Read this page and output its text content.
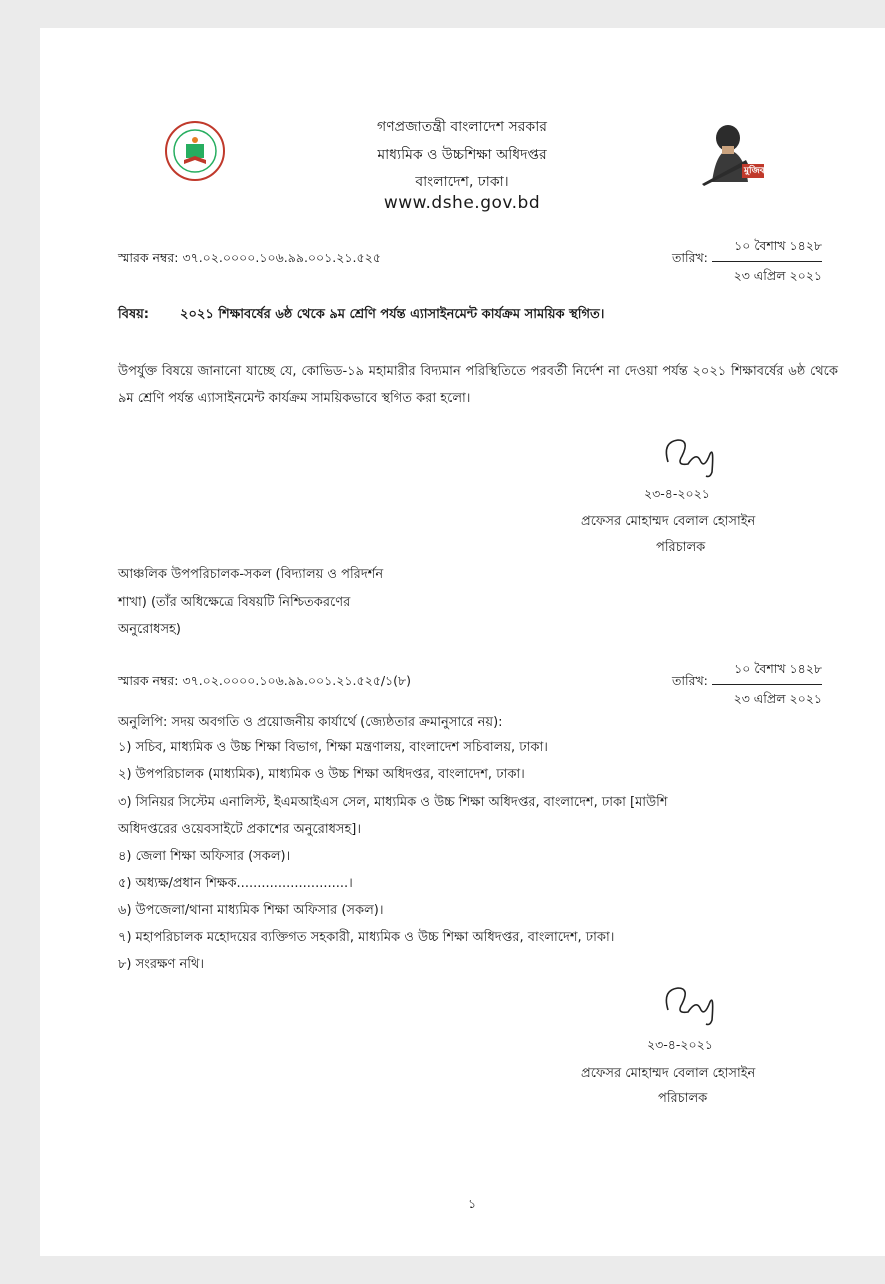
গণপ্রজাতন্ত্রী বাংলাদেশ সরকার
মাধ্যমিক ও উচ্চশিক্ষা অধিদপ্তর
বাংলাদেশ, ঢাকা।
www.dshe.gov.bd
মুজিব বর্ষ 100
স্মারক নম্বর: ৩৭.০২.০০০০.১০৬.৯৯.০০১.২১.৫২৫	তারিখ:
১০ বৈশাখ ১৪২৮
২৩ এপ্রিল ২০২১
বিষয়: ২০২১ শিক্ষাবর্ষের ৬ষ্ঠ থেকে ৯ম শ্রেণি পর্যন্ত এ্যাসাইনমেন্ট কার্যক্রম সাময়িক স্থগিত।
উপর্যুক্ত বিষয়ে জানানো যাচ্ছে যে, কোভিড-১৯ মহামারীর বিদ্যমান পরিস্থিতিতে পরবর্তী নির্দেশ না দেওয়া পর্যন্ত ২০২১ শিক্ষাবর্ষের ৬ষ্ঠ থেকে ৯ম শ্রেণি পর্যন্ত এ্যাসাইনমেন্ট কার্যক্রম সাময়িকভাবে স্থগিত করা হলো।
২৩-৪-২০২১
প্রফেসর মোহাম্মদ বেলাল হোসাইন
পরিচালক
আঞ্চলিক উপপরিচালক-সকল (বিদ্যালয় ও পরিদর্শন
শাখা) (তাঁর অধিক্ষেত্রে বিষয়টি নিশ্চিতকরণের
অনুরোধসহ)
স্মারক নম্বর: ৩৭.০২.০০০০.১০৬.৯৯.০০১.২১.৫২৫/১(৮)	তারিখ:
১০ বৈশাখ ১৪২৮
২৩ এপ্রিল ২০২১
অনুলিপি: সদয় অবগতি ও প্রয়োজনীয় কার্যার্থে (জ্যেষ্ঠতার ক্রমানুসারে নয়):
১) সচিব, মাধ্যমিক ও উচ্চ শিক্ষা বিভাগ, শিক্ষা মন্ত্রণালয়, বাংলাদেশ সচিবালয়, ঢাকা।
২) উপপরিচালক (মাধ্যমিক), মাধ্যমিক ও উচ্চ শিক্ষা অধিদপ্তর, বাংলাদেশ, ঢাকা।
৩) সিনিয়র সিস্টেম এনালিস্ট, ইএমআইএস সেল, মাধ্যমিক ও উচ্চ শিক্ষা অধিদপ্তর, বাংলাদেশ, ঢাকা [মাউশি
অধিদপ্তরের ওয়েবসাইটে প্রকাশের অনুরোধসহ]।
৪) জেলা শিক্ষা অফিসার (সকল)।
৫) অধ্যক্ষ/প্রধান শিক্ষক...........................।
৬) উপজেলা/থানা মাধ্যমিক শিক্ষা অফিসার (সকল)।
৭) মহাপরিচালক মহোদয়ের ব্যক্তিগত সহকারী, মাধ্যমিক ও উচ্চ শিক্ষা অধিদপ্তর, বাংলাদেশ, ঢাকা।
৮) সংরক্ষণ নথি।
২৩-৪-২০২১
প্রফেসর মোহাম্মদ বেলাল হোসাইন
পরিচালক
১
